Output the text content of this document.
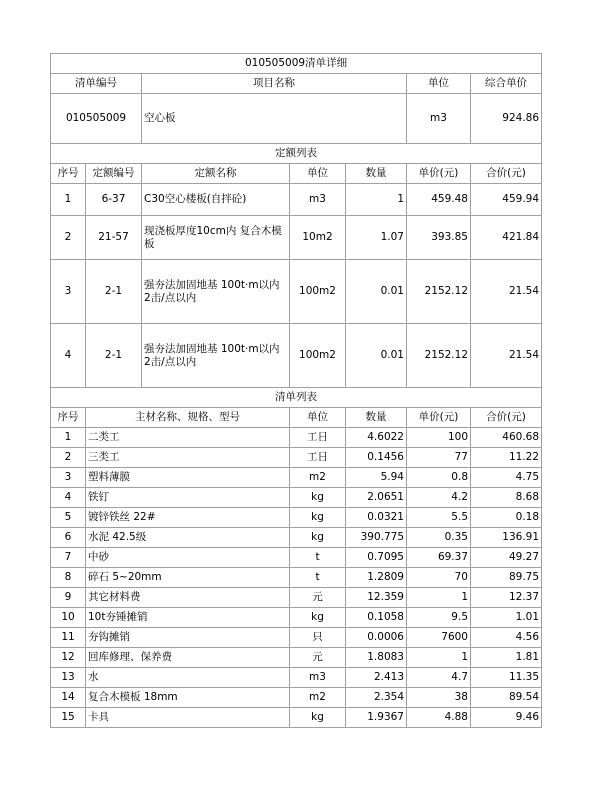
010505009清单详细						
清单编号		项目名称			单位	综合单价
010505009		空心板			m3	924.86
定额列表						
序号	定额编号	定额名称	单位	数量	单价(元)	合价(元)
1	6-37	C30空心楼板(自拌砼)	m3	1	459.48	459.94
2	21-57	现浇板厚度10cm内 复合木模板	10m2	1.07	393.85	421.84
3	2-1	强夯法加固地基 100t·m以内 2击/点以内	100m2	0.01	2152.12	21.54
4	2-1	强夯法加固地基 100t·m以内 2击/点以内	100m2	0.01	2152.12	21.54
清单列表						
序号	主材名称、规格、型号		单位	数量	单价(元)	合价(元)
1	二类工		工日	4.6022	100	460.68
2	三类工		工日	0.1456	77	11.22
3	塑料薄膜		m2	5.94	0.8	4.75
4	铁钉		kg	2.0651	4.2	8.68
5	镀锌铁丝 22#		kg	0.0321	5.5	0.18
6	水泥 42.5级		kg	390.775	0.35	136.91
7	中砂		t	0.7095	69.37	49.27
8	碎石 5~20mm		t	1.2809	70	89.75
9	其它材料费		元	12.359	1	12.37
10	10t夯锤摊销		kg	0.1058	9.5	1.01
11	夯钩摊销		只	0.0006	7600	4.56
12	回库修理、保养费		元	1.8083	1	1.81
13	水		m3	2.413	4.7	11.35
14	复合木模板 18mm		m2	2.354	38	89.54
15	卡具		kg	1.9367	4.88	9.46
